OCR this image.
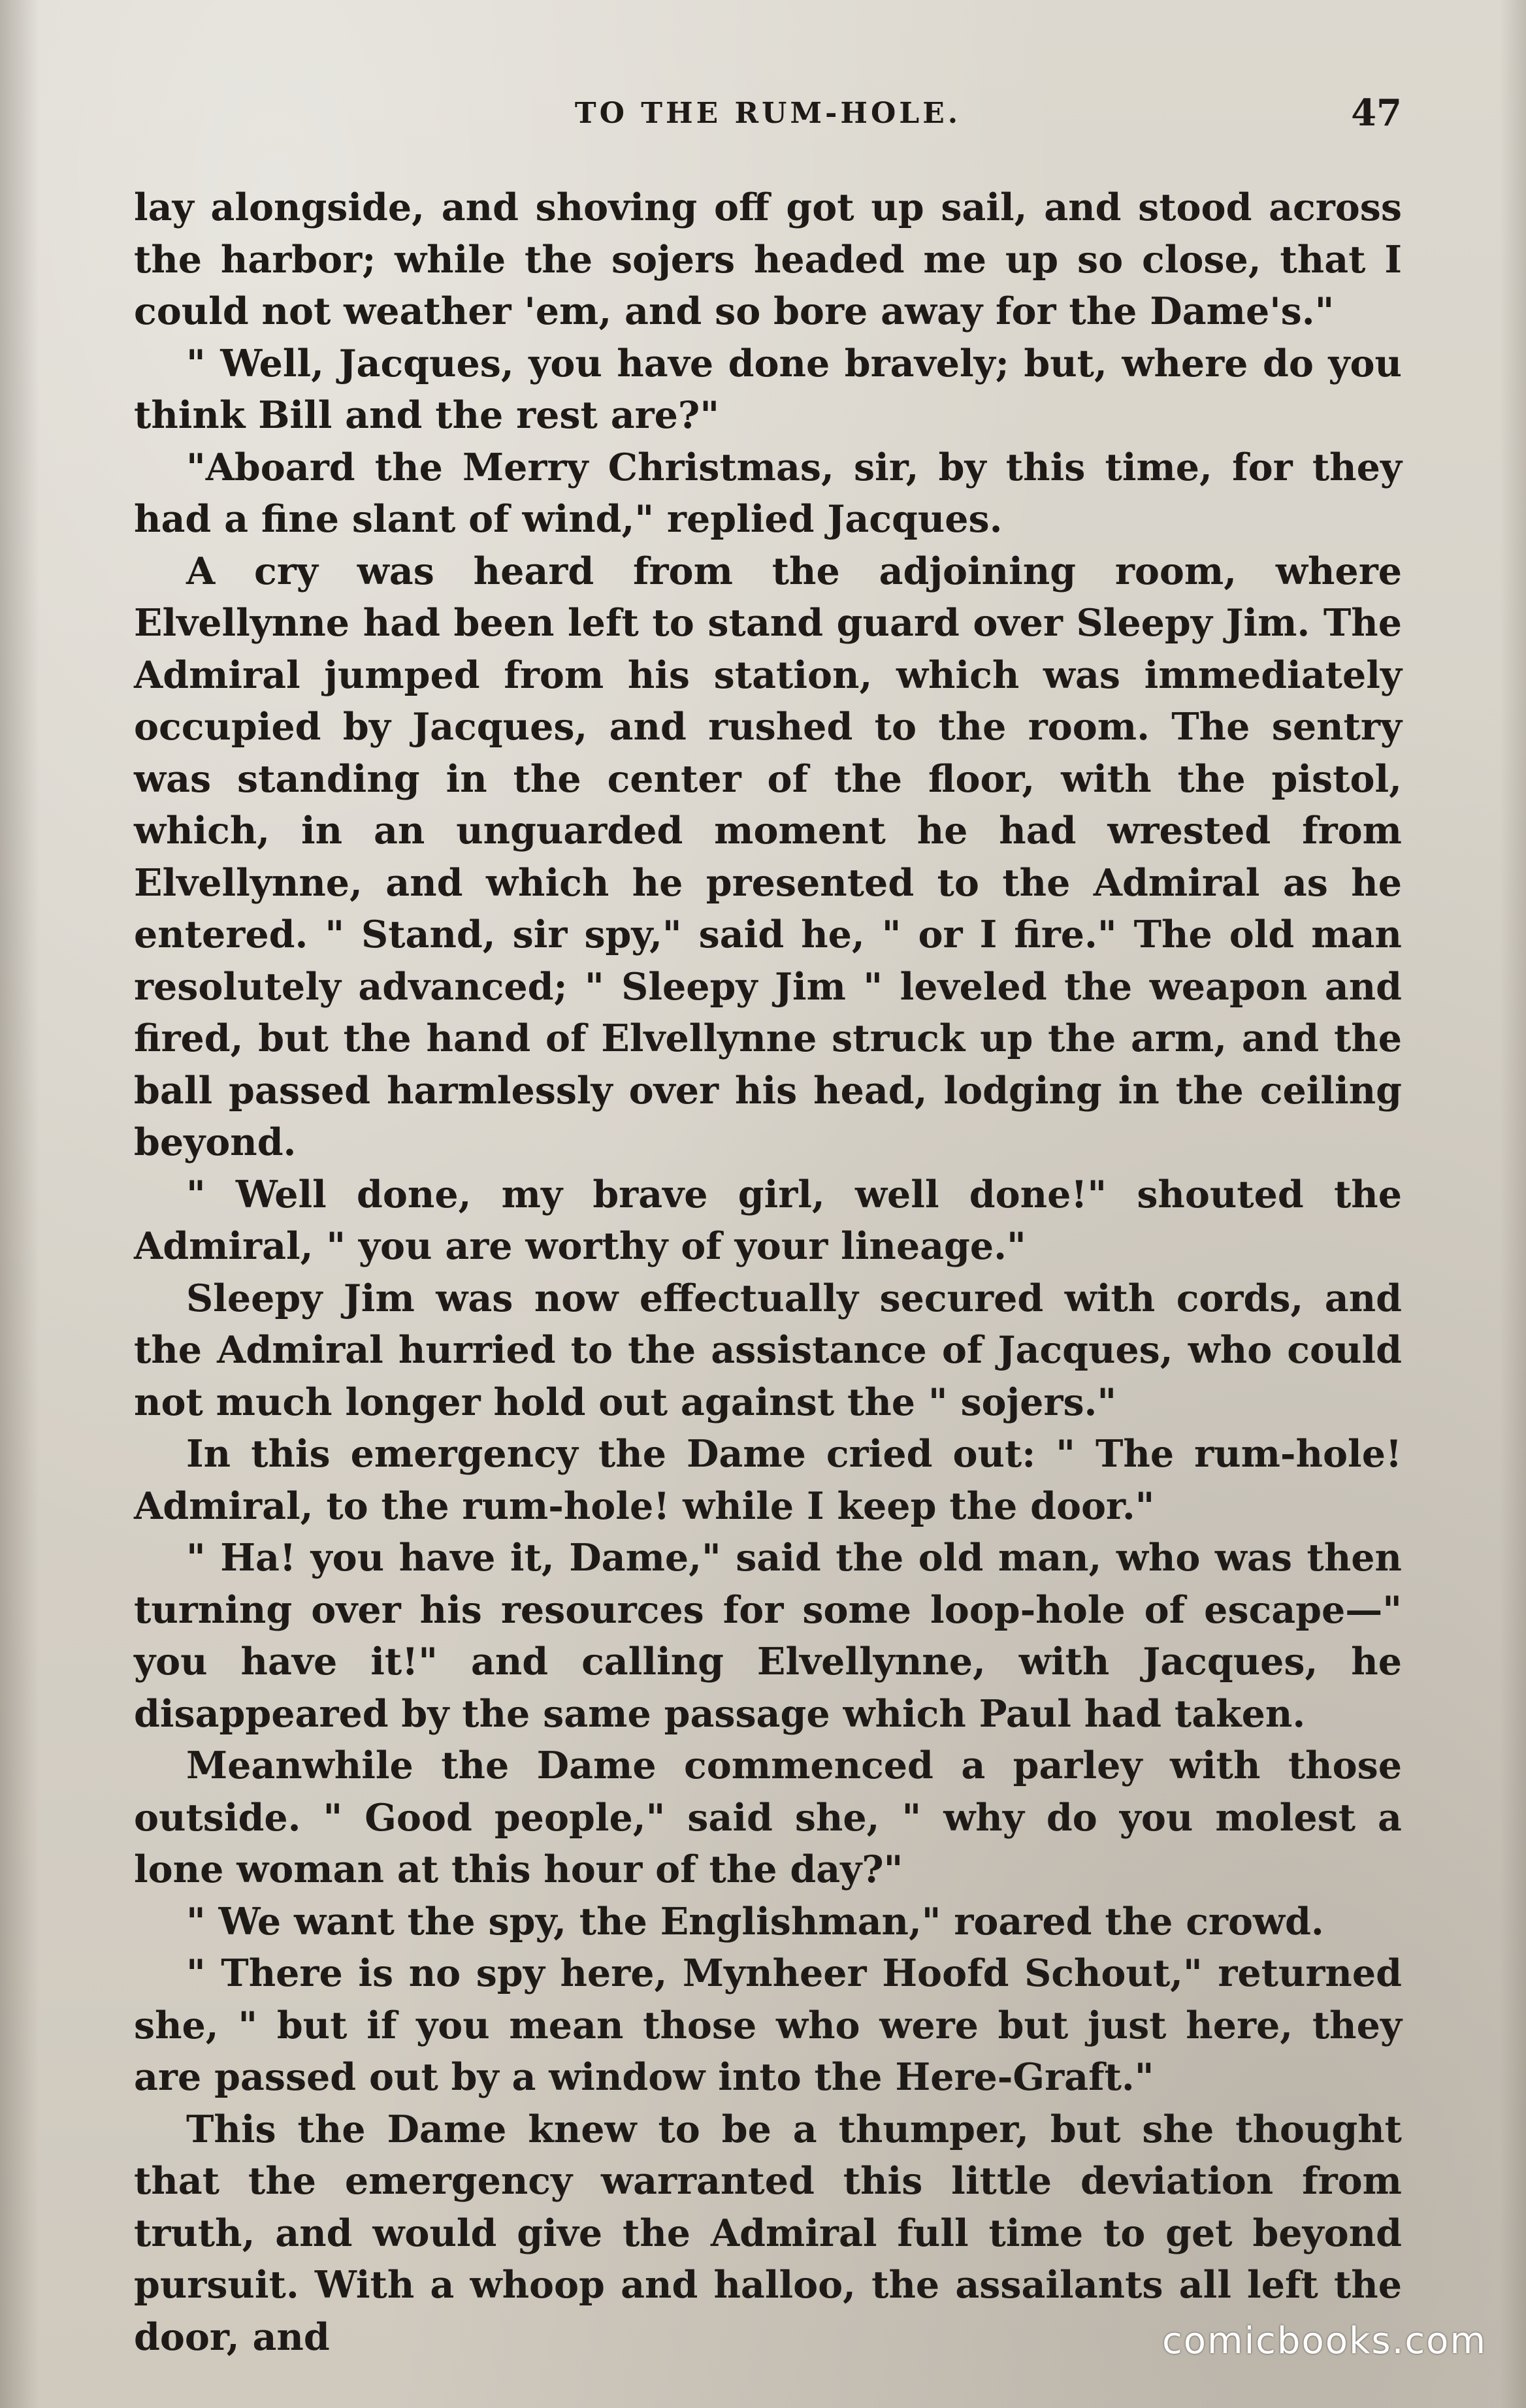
TO THE RUM-HOLE.	47

lay alongside, and shoving off got up sail, and stood across the harbor; while the sojers headed me up so close, that I could not weather 'em, and so bore away for the Dame's."

" Well, Jacques, you have done bravely; but, where do you think Bill and the rest are?"

"Aboard the Merry Christmas, sir, by this time, for they had a fine slant of wind," replied Jacques.

A cry was heard from the adjoining room, where Elvellynne had been left to stand guard over Sleepy Jim. The Admiral jumped from his station, which was immediately occupied by Jacques, and rushed to the room. The sentry was standing in the center of the floor, with the pistol, which, in an unguarded moment he had wrested from Elvellynne, and which he presented to the Admiral as he entered. " Stand, sir spy," said he, " or I fire." The old man resolutely advanced; " Sleepy Jim " leveled the weapon and fired, but the hand of Elvellynne struck up the arm, and the ball passed harmlessly over his head, lodging in the ceiling beyond.

" Well done, my brave girl, well done!" shouted the Admiral, " you are worthy of your lineage."

Sleepy Jim was now effectually secured with cords, and the Admiral hurried to the assistance of Jacques, who could not much longer hold out against the " sojers."

In this emergency the Dame cried out: " The rum-hole! Admiral, to the rum-hole! while I keep the door."

" Ha! you have it, Dame," said the old man, who was then turning over his resources for some loop-hole of escape—" you have it!" and calling Elvellynne, with Jacques, he disappeared by the same passage which Paul had taken.

Meanwhile the Dame commenced a parley with those outside. " Good people," said she, " why do you molest a lone woman at this hour of the day?"

" We want the spy, the Englishman," roared the crowd.

" There is no spy here, Mynheer Hoofd Schout," returned she, " but if you mean those who were but just here, they are passed out by a window into the Here-Graft."

This the Dame knew to be a thumper, but she thought that the emergency warranted this little deviation from truth, and would give the Admiral full time to get beyond pursuit. With a whoop and halloo, the assailants all left the door, and	comicbooks.com
